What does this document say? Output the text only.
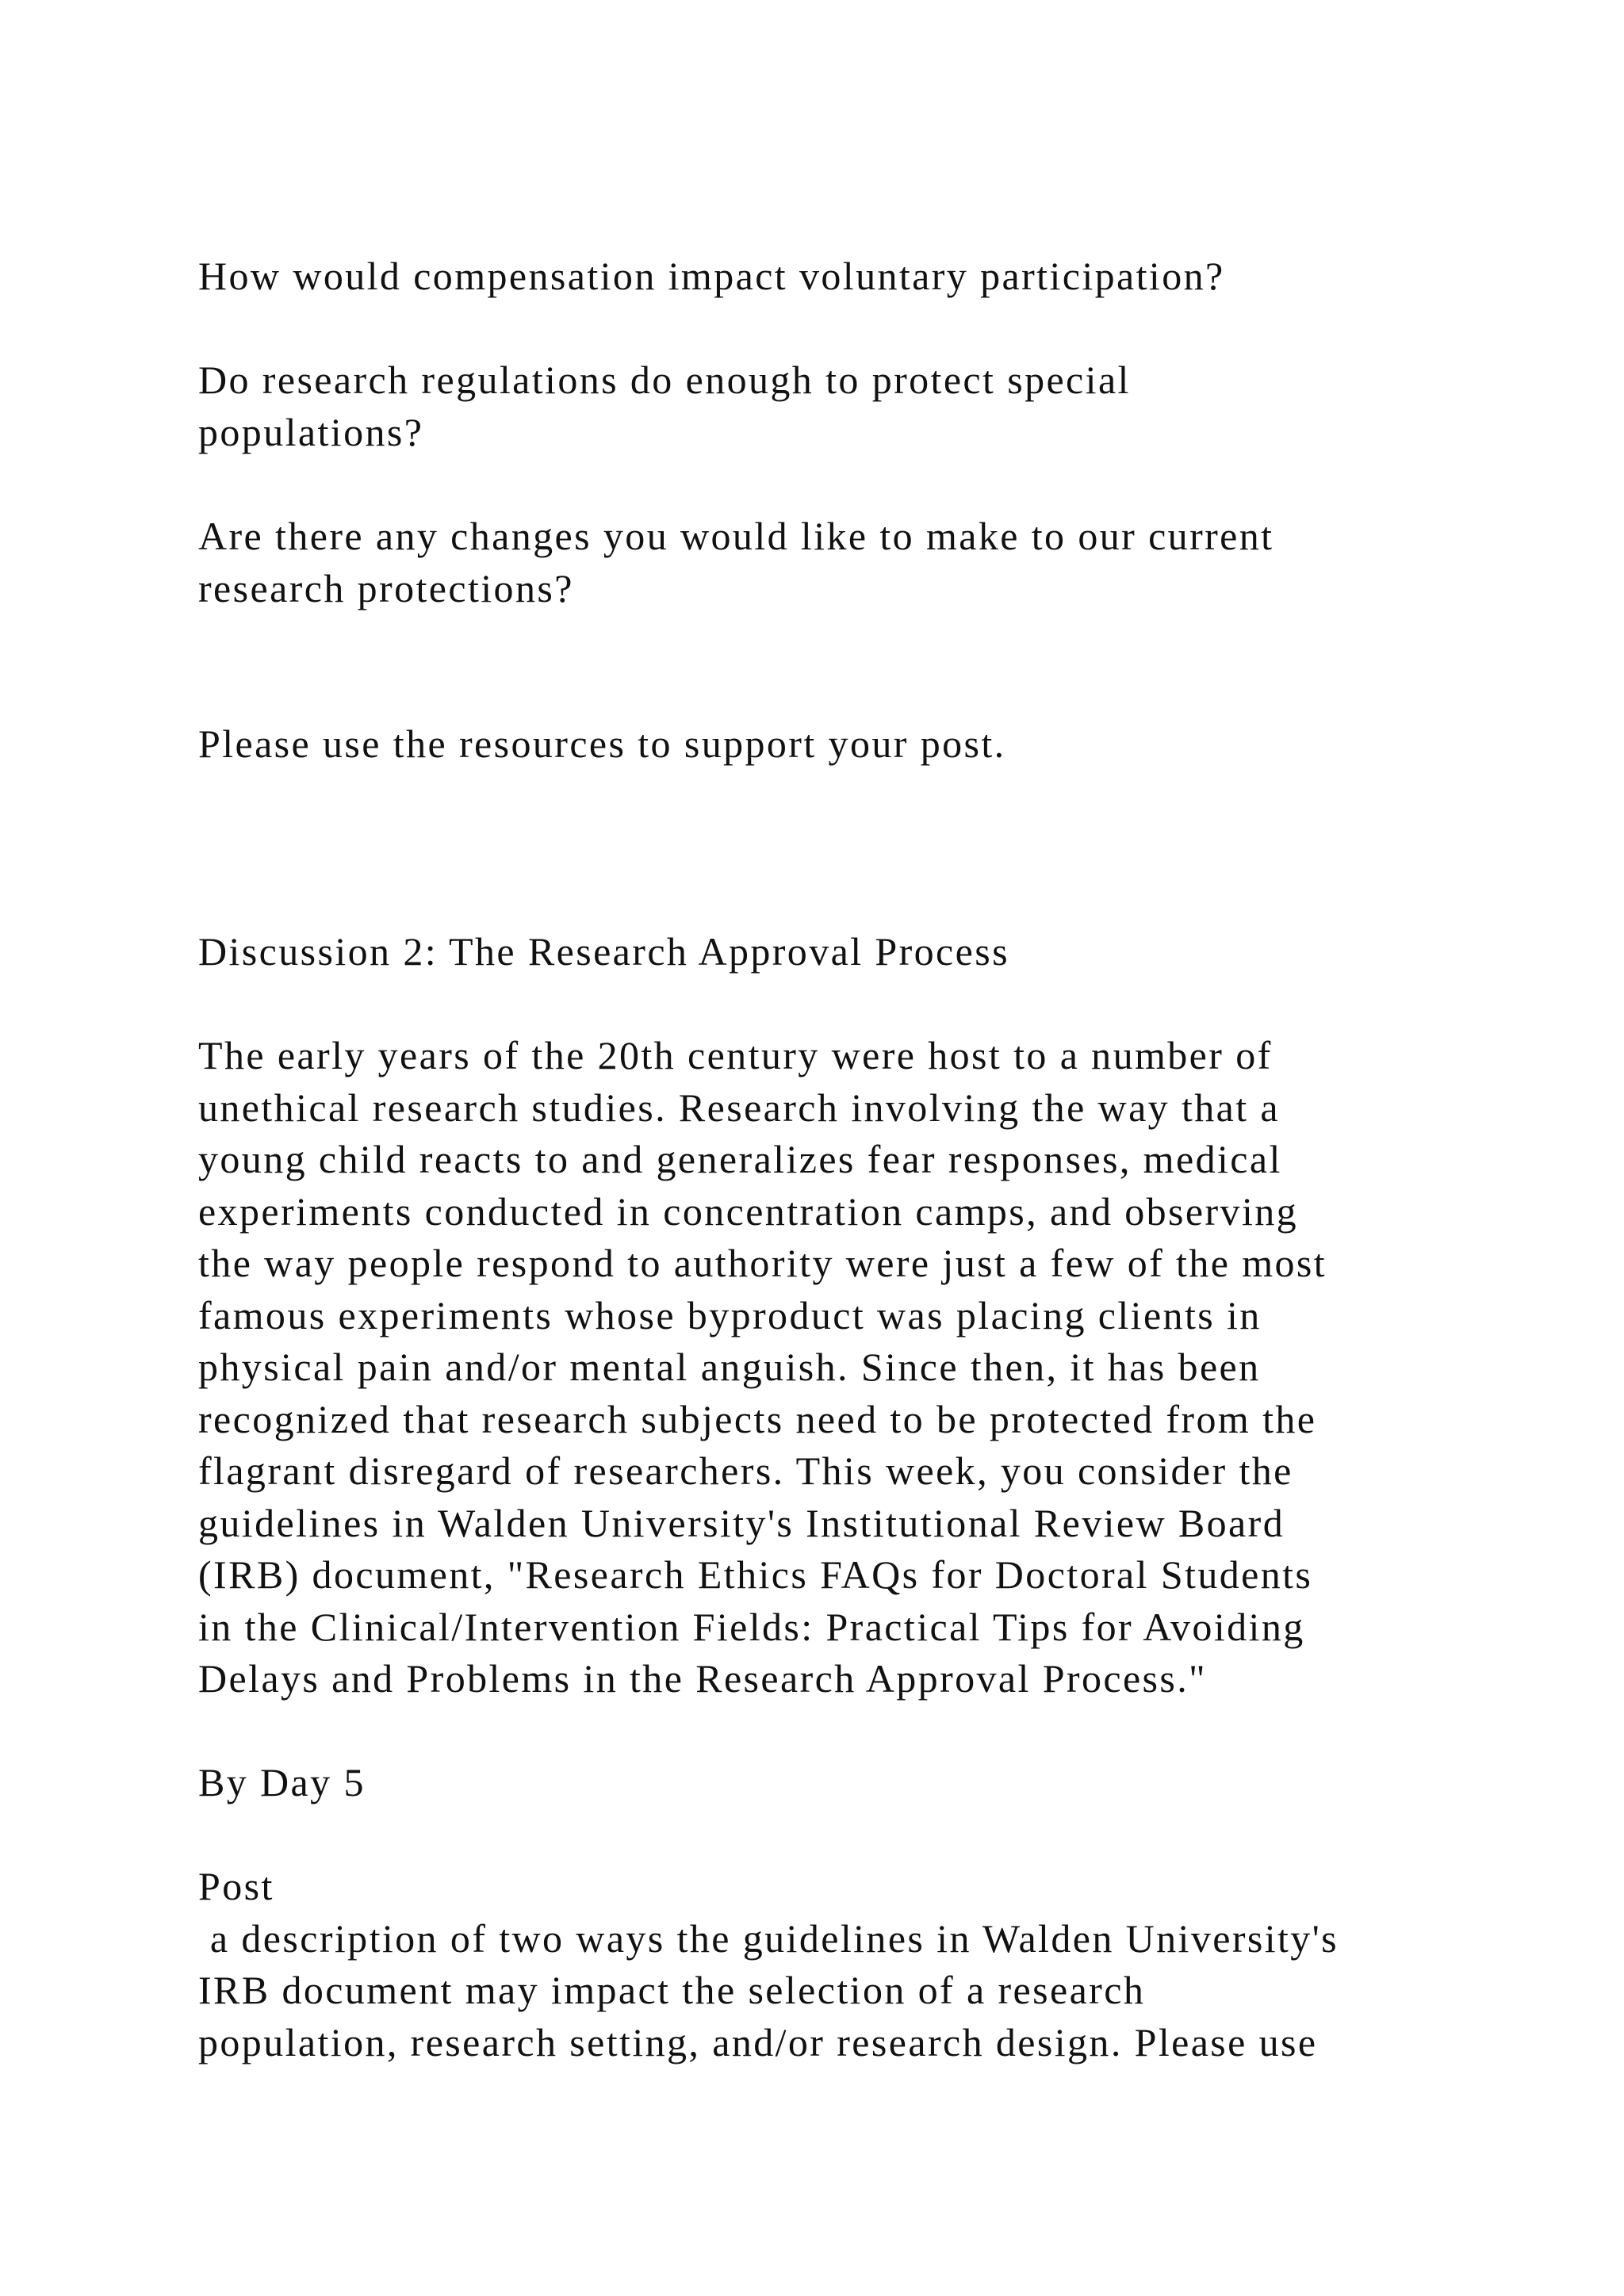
How would compensation impact voluntary participation?
Do research regulations do enough to protect special
populations?
Are there any changes you would like to make to our current
research protections?
Please use the resources to support your post.
Discussion 2: The Research Approval Process
The early years of the 20th century were host to a number of
unethical research studies. Research involving the way that a
young child reacts to and generalizes fear responses, medical
experiments conducted in concentration camps, and observing
the way people respond to authority were just a few of the most
famous experiments whose byproduct was placing clients in
physical pain and/or mental anguish. Since then, it has been
recognized that research subjects need to be protected from the
flagrant disregard of researchers. This week, you consider the
guidelines in Walden University's Institutional Review Board
(IRB) document, "Research Ethics FAQs for Doctoral Students
in the Clinical/Intervention Fields: Practical Tips for Avoiding
Delays and Problems in the Research Approval Process."
By Day 5
Post
a description of two ways the guidelines in Walden University's
IRB document may impact the selection of a research
population, research setting, and/or research design. Please use
